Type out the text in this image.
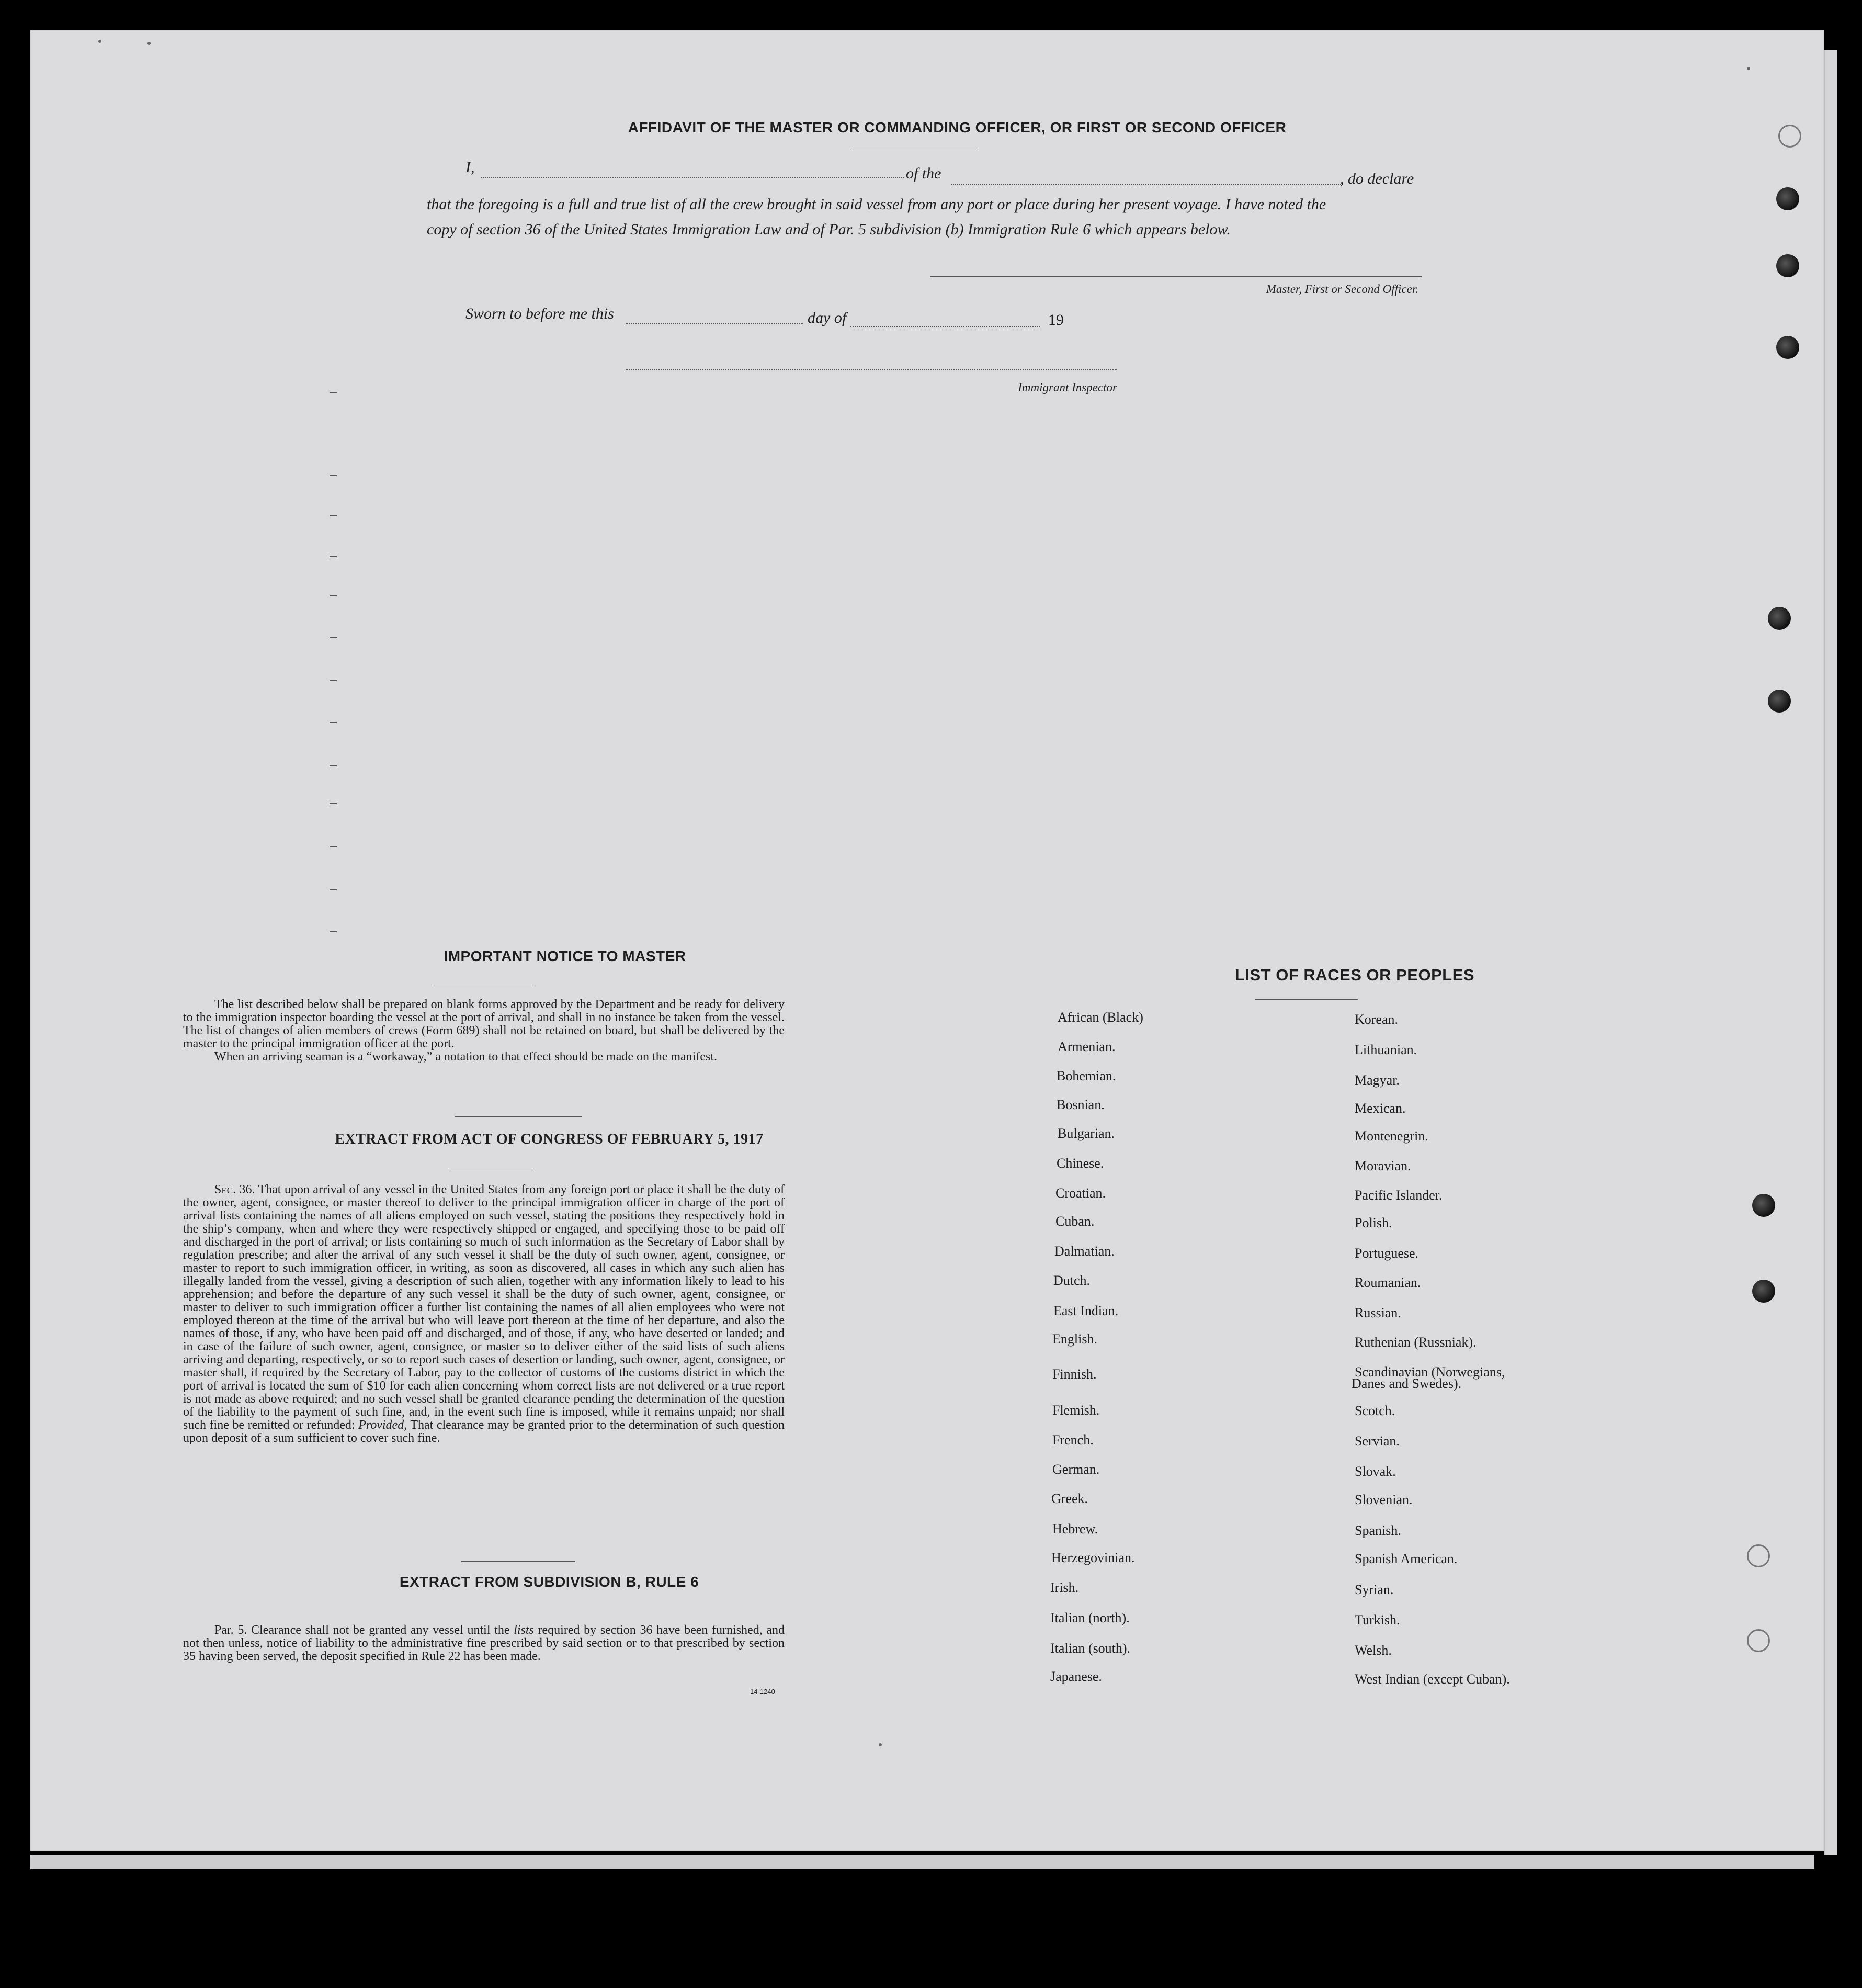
AFFIDAVIT OF THE MASTER OR COMMANDING OFFICER, OR FIRST OR SECOND OFFICER
I,	of the	, do declare
that the foregoing is a full and true list of all the crew brought in said vessel from any port or place during her present voyage. I have noted the
copy of section 36 of the United States Immigration Law and of Par. 5 subdivision (b) Immigration Rule 6 which appears below.
Master, First or Second Officer.
Sworn to before me this	day of	19
Immigrant Inspector
IMPORTANT NOTICE TO MASTER

The list described below shall be prepared on blank forms approved by the Department and be ready for delivery to the immigration inspector boarding the vessel at the port of arrival, and shall in no instance be taken from the vessel. The list of changes of alien members of crews (Form 689) shall not be retained on board, but shall be delivered by the master to the principal immigration officer at the port.

When an arriving seaman is a “workaway,” a notation to that effect should be made on the manifest.

EXTRACT FROM ACT OF CONGRESS OF FEBRUARY 5, 1917

Sec. 36. That upon arrival of any vessel in the United States from any foreign port or place it shall be the duty of the owner, agent, consignee, or master thereof to deliver to the principal immigration officer in charge of the port of arrival lists containing the names of all aliens employed on such vessel, stating the positions they respectively hold in the ship’s company, when and where they were respectively shipped or engaged, and specifying those to be paid off and discharged in the port of arrival; or lists containing so much of such information as the Secretary of Labor shall by regulation prescribe; and after the arrival of any such vessel it shall be the duty of such owner, agent, consignee, or master to report to such immigration officer, in writing, as soon as discovered, all cases in which any such alien has illegally landed from the vessel, giving a description of such alien, together with any information likely to lead to his apprehension; and before the departure of any such vessel it shall be the duty of such owner, agent, consignee, or master to deliver to such immigration officer a further list containing the names of all alien employees who were not employed thereon at the time of the arrival but who will leave port thereon at the time of her departure, and also the names of those, if any, who have been paid off and discharged, and of those, if any, who have deserted or landed; and in case of the failure of such owner, agent, consignee, or master so to deliver either of the said lists of such aliens arriving and departing, respectively, or so to report such cases of desertion or landing, such owner, agent, consignee, or master shall, if required by the Secretary of Labor, pay to the collector of customs of the customs district in which the port of arrival is located the sum of $10 for each alien concerning whom correct lists are not delivered or a true report is not made as above required; and no such vessel shall be granted clearance pending the determination of the question of the liability to the payment of such fine, and, in the event such fine is imposed, while it remains unpaid; nor shall such fine be remitted or refunded: Provided, That clearance may be granted prior to the determination of such question upon deposit of a sum sufficient to cover such fine.

EXTRACT FROM SUBDIVISION B, RULE 6

Par. 5. Clearance shall not be granted any vessel until the lists required by section 36 have been furnished, and not then unless, notice of liability to the administrative fine prescribed by said section or to that prescribed by section 35 having been served, the deposit specified in Rule 22 has been made.

14-1240
LIST OF RACES OR PEOPLES
African (Black)
Armenian.
Bohemian.
Bosnian.
Bulgarian.
Chinese.
Croatian.
Cuban.
Dalmatian.
Dutch.
East Indian.
English.
Finnish.
Flemish.
French.
German.
Greek.
Hebrew.
Herzegovinian.
Irish.
Italian (north).
Italian (south).
Japanese.
Korean.
Lithuanian.
Magyar.
Mexican.
Montenegrin.
Moravian.
Pacific Islander.
Polish.
Portuguese.
Roumanian.
Russian.
Ruthenian (Russniak).
Scandinavian (Norwegians,
Scotch.
Servian.
Slovak.
Slovenian.
Spanish.
Spanish American.
Syrian.
Turkish.
Welsh.
West Indian (except Cuban).
Danes and Swedes).
